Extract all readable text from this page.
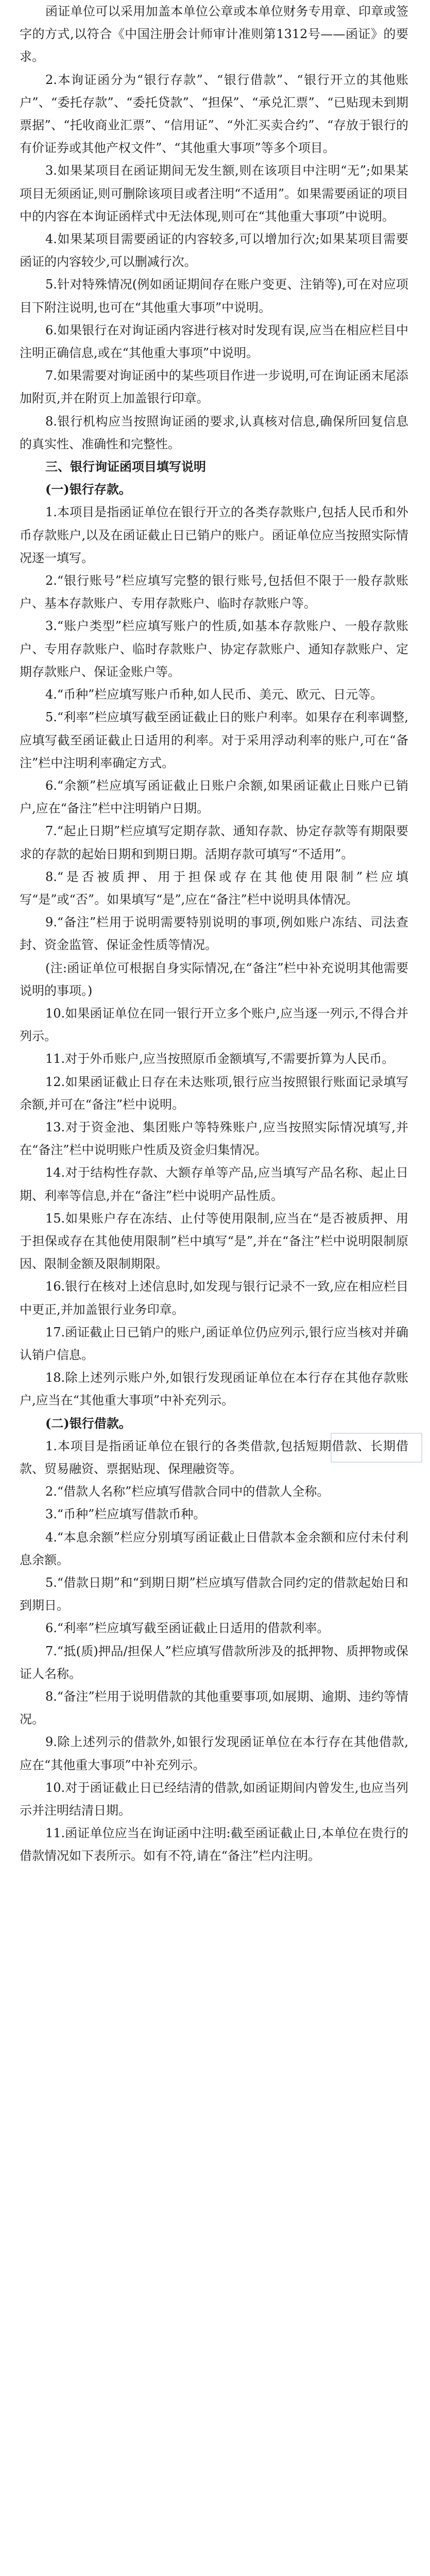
函证单位可以采用加盖本单位公章或本单位财务专用章、印章或签字的方式,以符合《中国注册会计师审计准则第1312号——函证》的要求。

2.本询证函分为“银行存款”、“银行借款”、“银行开立的其他账户”、“委托存款”、“委托贷款”、“担保”、“承兑汇票”、“已贴现未到期票据”、“托收商业汇票”、“信用证”、“外汇买卖合约”、“存放于银行的有价证券或其他产权文件”、“其他重大事项”等多个项目。

3.如果某项目在函证期间无发生额,则在该项目中注明“无”;如果某项目无须函证,则可删除该项目或者注明“不适用”。如果需要函证的项目中的内容在本询证函样式中无法体现,则可在“其他重大事项”中说明。

4.如果某项目需要函证的内容较多,可以增加行次;如果某项目需要函证的内容较少,可以删减行次。

5.针对特殊情况(例如函证期间存在账户变更、注销等),可在对应项目下附注说明,也可在“其他重大事项”中说明。

6.如果银行在对询证函内容进行核对时发现有误,应当在相应栏目中注明正确信息,或在“其他重大事项”中说明。

7.如果需要对询证函中的某些项目作进一步说明,可在询证函末尾添加附页,并在附页上加盖银行印章。

8.银行机构应当按照询证函的要求,认真核对信息,确保所回复信息的真实性、准确性和完整性。

三、银行询证函项目填写说明

(一)银行存款。

1.本项目是指函证单位在银行开立的各类存款账户,包括人民币和外币存款账户,以及在函证截止日已销户的账户。函证单位应当按照实际情况逐一填写。

2.“银行账号”栏应填写完整的银行账号,包括但不限于一般存款账户、基本存款账户、专用存款账户、临时存款账户等。

3.“账户类型”栏应填写账户的性质,如基本存款账户、一般存款账户、专用存款账户、临时存款账户、协定存款账户、通知存款账户、定期存款账户、保证金账户等。

4.“币种”栏应填写账户币种,如人民币、美元、欧元、日元等。

5.“利率”栏应填写截至函证截止日的账户利率。如果存在利率调整,应填写截至函证截止日适用的利率。对于采用浮动利率的账户,可在“备注”栏中注明利率确定方式。

6.“余额”栏应填写函证截止日账户余额,如果函证截止日账户已销户,应在“备注”栏中注明销户日期。

7.“起止日期”栏应填写定期存款、通知存款、协定存款等有期限要求的存款的起始日期和到期日期。活期存款可填写“不适用”。

8.“是否被质押、用于担保或存在其他使用限制”栏应填写“是”或“否”。如果填写“是”,应在“备注”栏中说明具体情况。

9.“备注”栏用于说明需要特别说明的事项,例如账户冻结、司法查封、资金监管、保证金性质等情况。

(注:函证单位可根据自身实际情况,在“备注”栏中补充说明其他需要说明的事项。)

10.如果函证单位在同一银行开立多个账户,应当逐一列示,不得合并列示。

11.对于外币账户,应当按照原币金额填写,不需要折算为人民币。

12.如果函证截止日存在未达账项,银行应当按照银行账面记录填写余额,并可在“备注”栏中说明。

13.对于资金池、集团账户等特殊账户,应当按照实际情况填写,并在“备注”栏中说明账户性质及资金归集情况。

14.对于结构性存款、大额存单等产品,应当填写产品名称、起止日期、利率等信息,并在“备注”栏中说明产品性质。

15.如果账户存在冻结、止付等使用限制,应当在“是否被质押、用于担保或存在其他使用限制”栏中填写“是”,并在“备注”栏中说明限制原因、限制金额及限制期限。

16.银行在核对上述信息时,如发现与银行记录不一致,应在相应栏目中更正,并加盖银行业务印章。

17.函证截止日已销户的账户,函证单位仍应列示,银行应当核对并确认销户信息。

18.除上述列示账户外,如银行发现函证单位在本行存在其他存款账户,应当在“其他重大事项”中补充列示。

(二)银行借款。

1.本项目是指函证单位在银行的各类借款,包括短期借款、长期借款、贸易融资、票据贴现、保理融资等。

2.“借款人名称”栏应填写借款合同中的借款人全称。

3.“币种”栏应填写借款币种。

4.“本息余额”栏应分别填写函证截止日借款本金余额和应付未付利息余额。

5.“借款日期”和“到期日期”栏应填写借款合同约定的借款起始日和到期日。

6.“利率”栏应填写截至函证截止日适用的借款利率。

7.“抵(质)押品/担保人”栏应填写借款所涉及的抵押物、质押物或保证人名称。

8.“备注”栏用于说明借款的其他重要事项,如展期、逾期、违约等情况。

9.除上述列示的借款外,如银行发现函证单位在本行存在其他借款,应在“其他重大事项”中补充列示。

10.对于函证截止日已经结清的借款,如函证期间内曾发生,也应当列示并注明结清日期。

11.函证单位应当在询证函中注明:截至函证截止日,本单位在贵行的借款情况如下表所示。如有不符,请在“备注”栏内注明。
